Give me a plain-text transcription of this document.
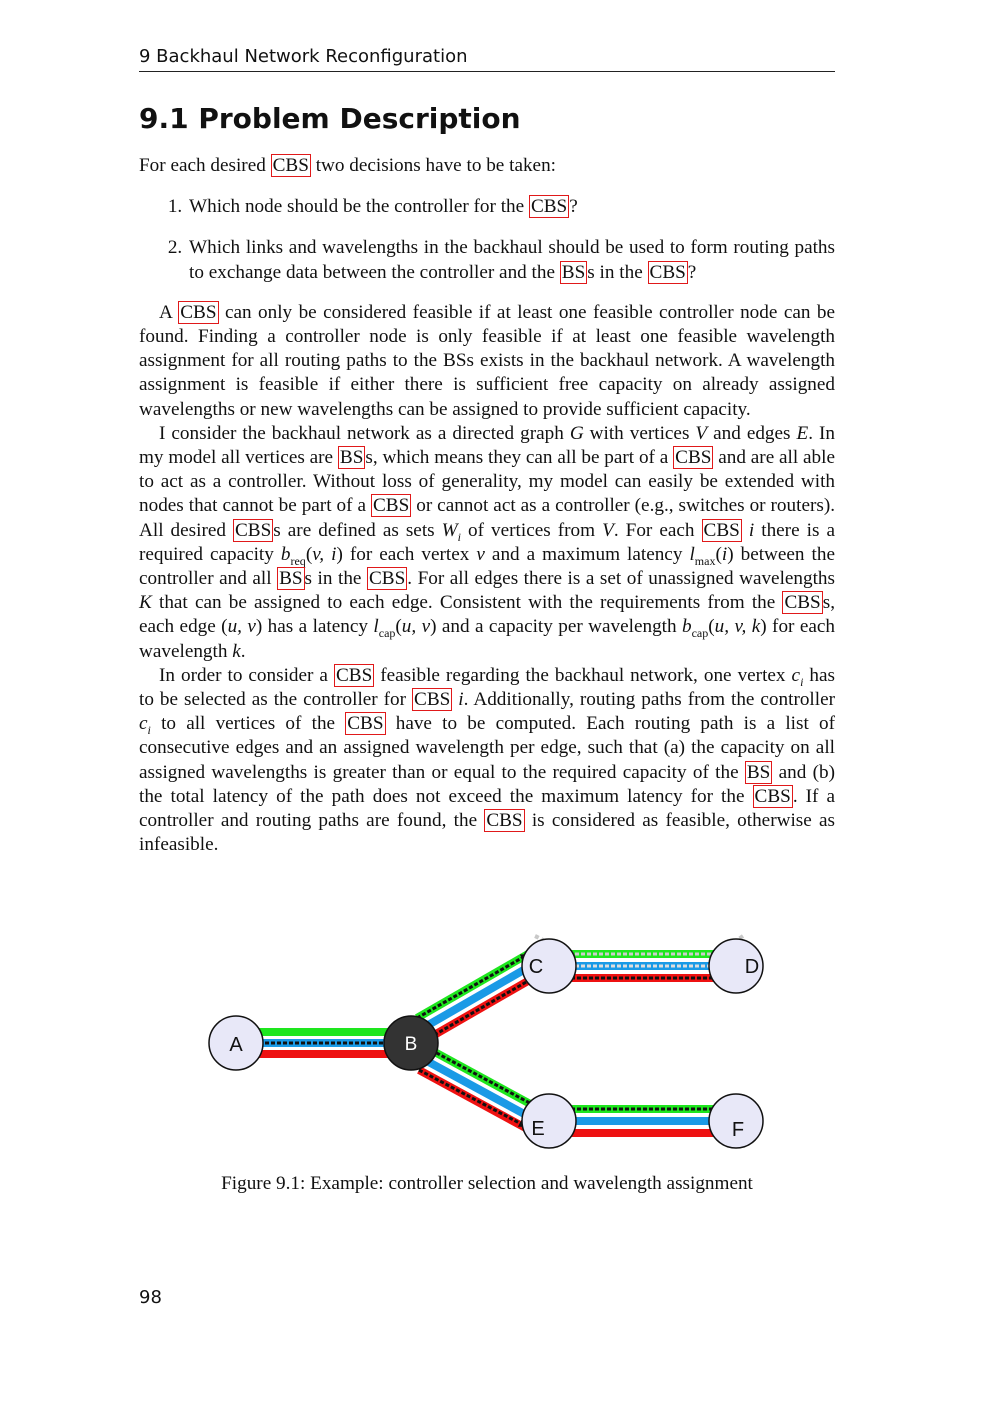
9 Backhaul Network Reconfiguration
9.1 Problem Description

For each desired CBS two decisions have to be taken:

1. Which node should be the controller for the CBS ?
2. Which links and wavelengths in the backhaul should be used to form routing paths to exchange data between the controller and the BS s in the CBS ?

A CBS can only be considered feasible if at least one feasible controller node can be found. Finding a controller node is only feasible if at least one feasible wavelength assignment for all routing paths to the BSs exists in the backhaul network. A wavelength assignment is feasible if either there is sufficient free capacity on already assigned wavelengths or new wavelengths can be assigned to provide sufficient capacity.

I consider the backhaul network as a directed graph G with vertices V and edges E. In my model all vertices are BS s, which means they can all be part of a CBS and are all able to act as a controller. Without loss of generality, my model can easily be extended with nodes that cannot be part of a CBS or cannot act as a controller (e.g., switches or routers). All desired CBS s are defined as sets $W_i$ of vertices from V. For each CBS i there is a required capacity $b_{req}(v$, i) for each vertex v and a maximum latency $l_{max}(i)$ between the controller and all BS s in the CBS . For all edges there is a set of unassigned wavelengths K that can be assigned to each edge. Consistent with the requirements from the CBS s, each edge (u, v) has a latency $l_{cap}(u$, v) and a capacity per wavelength $b_{cap}(u$, v, k) for each wavelength k.

In order to consider a CBS feasible regarding the backhaul network, one vertex $c_i$ has to be selected as the controller for CBS i. Additionally, routing paths from the controller $c_i$ to all vertices of the CBS have to be computed. Each routing path is a list of consecutive edges and an assigned wavelength per edge, such that (a) the capacity on all assigned wavelengths is greater than or equal to the required capacity of the BS and (b) the total latency of the path does not exceed the maximum latency for the CBS . If a controller and routing paths are found, the CBS is considered as feasible, otherwise as infeasible.

A	B
C	D
E	F
Figure 9.1: Example: controller selection and wavelength assignment
98
